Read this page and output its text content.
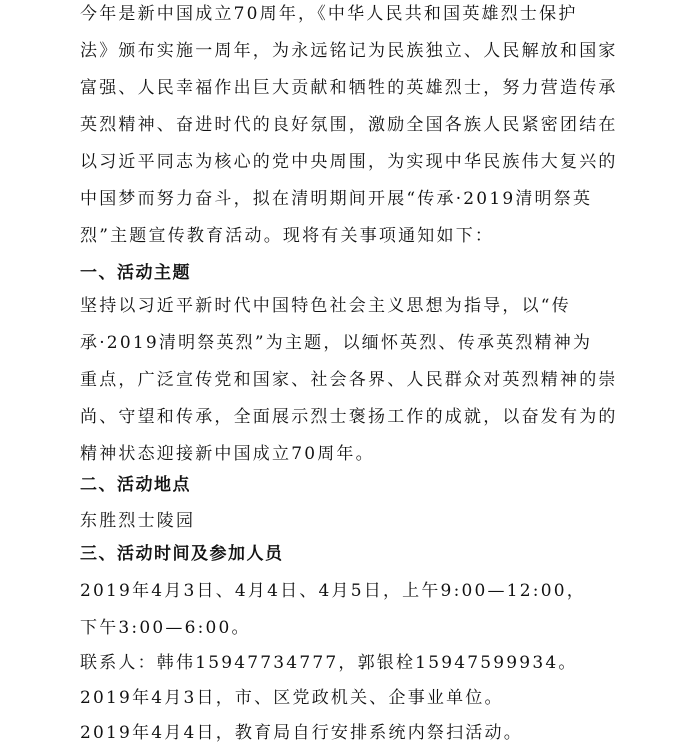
今年是新中国成立70周年，《中华人民共和国英雄烈士保护
法》颁布实施一周年，为永远铭记为民族独立、人民解放和国家
富强、人民幸福作出巨大贡献和牺牲的英雄烈士，努力营造传承
英烈精神、奋进时代的良好氛围，激励全国各族人民紧密团结在
以习近平同志为核心的党中央周围，为实现中华民族伟大复兴的
中国梦而努力奋斗，拟在清明期间开展“传承·2019清明祭英
烈”主题宣传教育活动。现将有关事项通知如下：
一、活动主题
坚持以习近平新时代中国特色社会主义思想为指导，以“传
承·2019清明祭英烈”为主题，以缅怀英烈、传承英烈精神为
重点，广泛宣传党和国家、社会各界、人民群众对英烈精神的崇
尚、守望和传承，全面展示烈士褒扬工作的成就，以奋发有为的
精神状态迎接新中国成立70周年。
二、活动地点
东胜烈士陵园
三、活动时间及参加人员
2019年4月3日、4月4日、4月5日，上午9:00—12:00，
下午3:00—6:00。
联系人：韩伟15947734777，郭银栓15947599934。
2019年4月3日，市、区党政机关、企事业单位。
2019年4月4日，教育局自行安排系统内祭扫活动。
